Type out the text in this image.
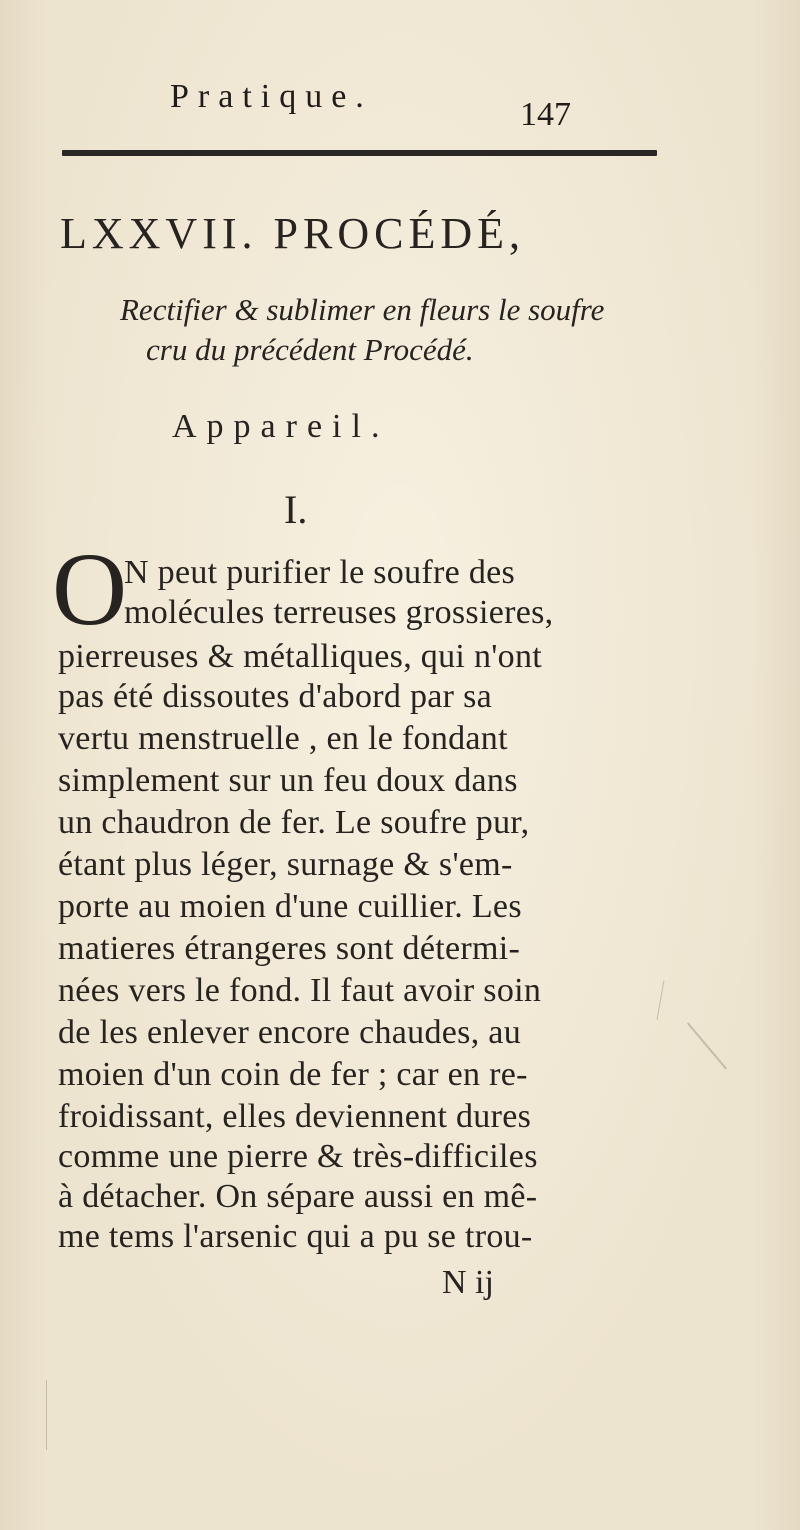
Pratique.	147
LXXVII. PROCÉDÉ,
Rectifier & sublimer en fleurs le soufre
cru du précédent Procédé.
Appareil.
I.
O
N peut purifier le soufre des
molécules terreuses grossieres,
pierreuses & métalliques, qui n'ont
pas été dissoutes d'abord par sa
vertu menstruelle , en le fondant
simplement sur un feu doux dans
un chaudron de fer. Le soufre pur,
étant plus léger, surnage & s'em-
porte au moien d'une cuillier. Les
matieres étrangeres sont détermi-
nées vers le fond. Il faut avoir soin
de les enlever encore chaudes, au
moien d'un coin de fer ; car en re-
froidissant, elles deviennent dures
comme une pierre & très-difficiles
à détacher. On sépare aussi en mê-
me tems l'arsenic qui a pu se trou-
N ij
